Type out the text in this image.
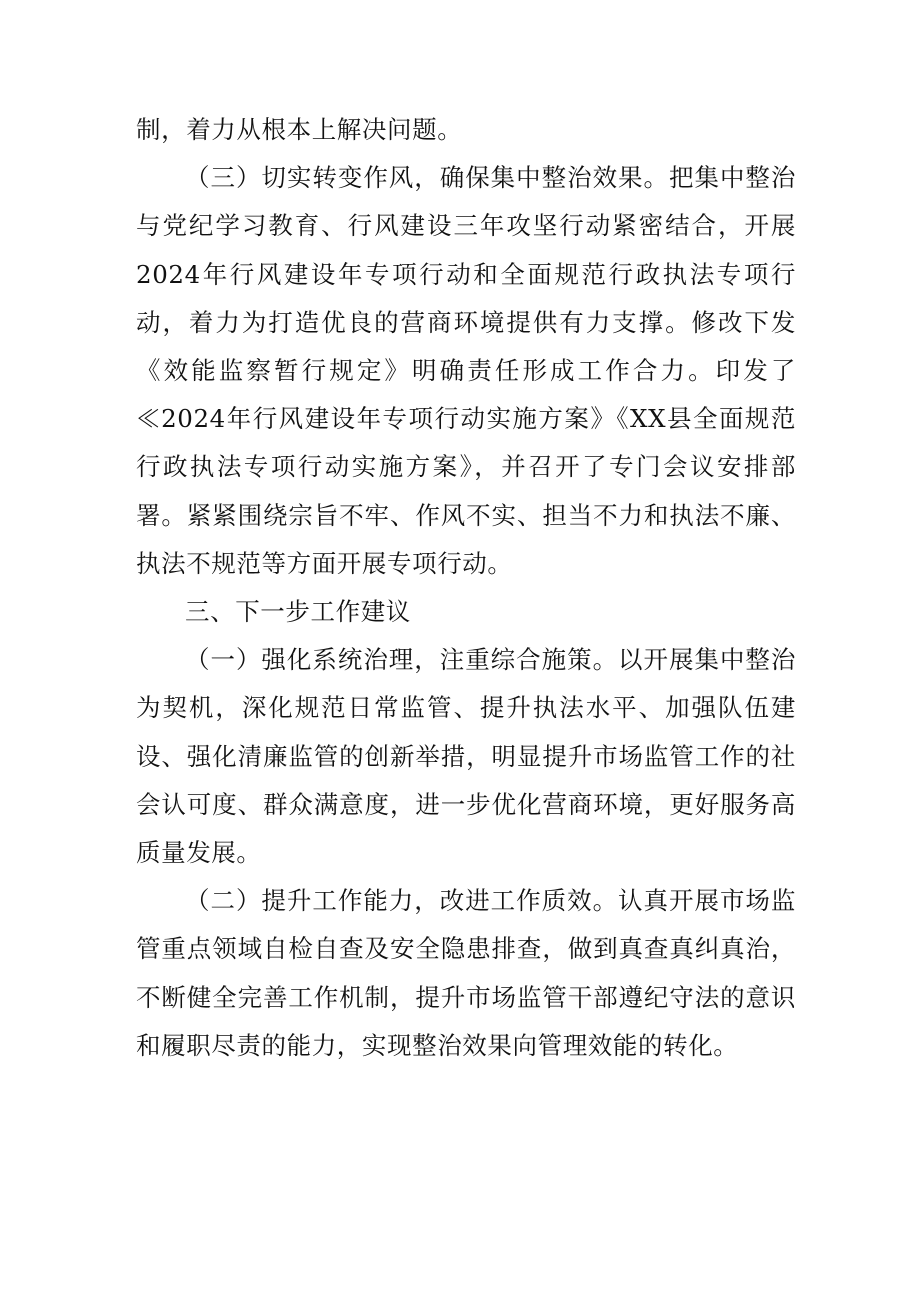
制，着力从根本上解决问题。

（三）切实转变作风，确保集中整治效果。把集中整治与党纪学习教育、行风建设三年攻坚行动紧密结合，开展2024年行风建设年专项行动和全面规范行政执法专项行动，着力为打造优良的营商环境提供有力支撑。修改下发《效能监察暂行规定》明确责任形成工作合力。印发了≪2024年行风建设年专项行动实施方案》《XX县全面规范行政执法专项行动实施方案》，并召开了专门会议安排部署。紧紧围绕宗旨不牢、作风不实、担当不力和执法不廉、执法不规范等方面开展专项行动。

三、下一步工作建议

（一）强化系统治理，注重综合施策。以开展集中整治为契机，深化规范日常监管、提升执法水平、加强队伍建设、强化清廉监管的创新举措，明显提升市场监管工作的社会认可度、群众满意度，进一步优化营商环境，更好服务高质量发展。

（二）提升工作能力，改进工作质效。认真开展市场监管重点领域自检自查及安全隐患排查，做到真查真纠真治，不断健全完善工作机制，提升市场监管干部遵纪守法的意识和履职尽责的能力，实现整治效果向管理效能的转化。
